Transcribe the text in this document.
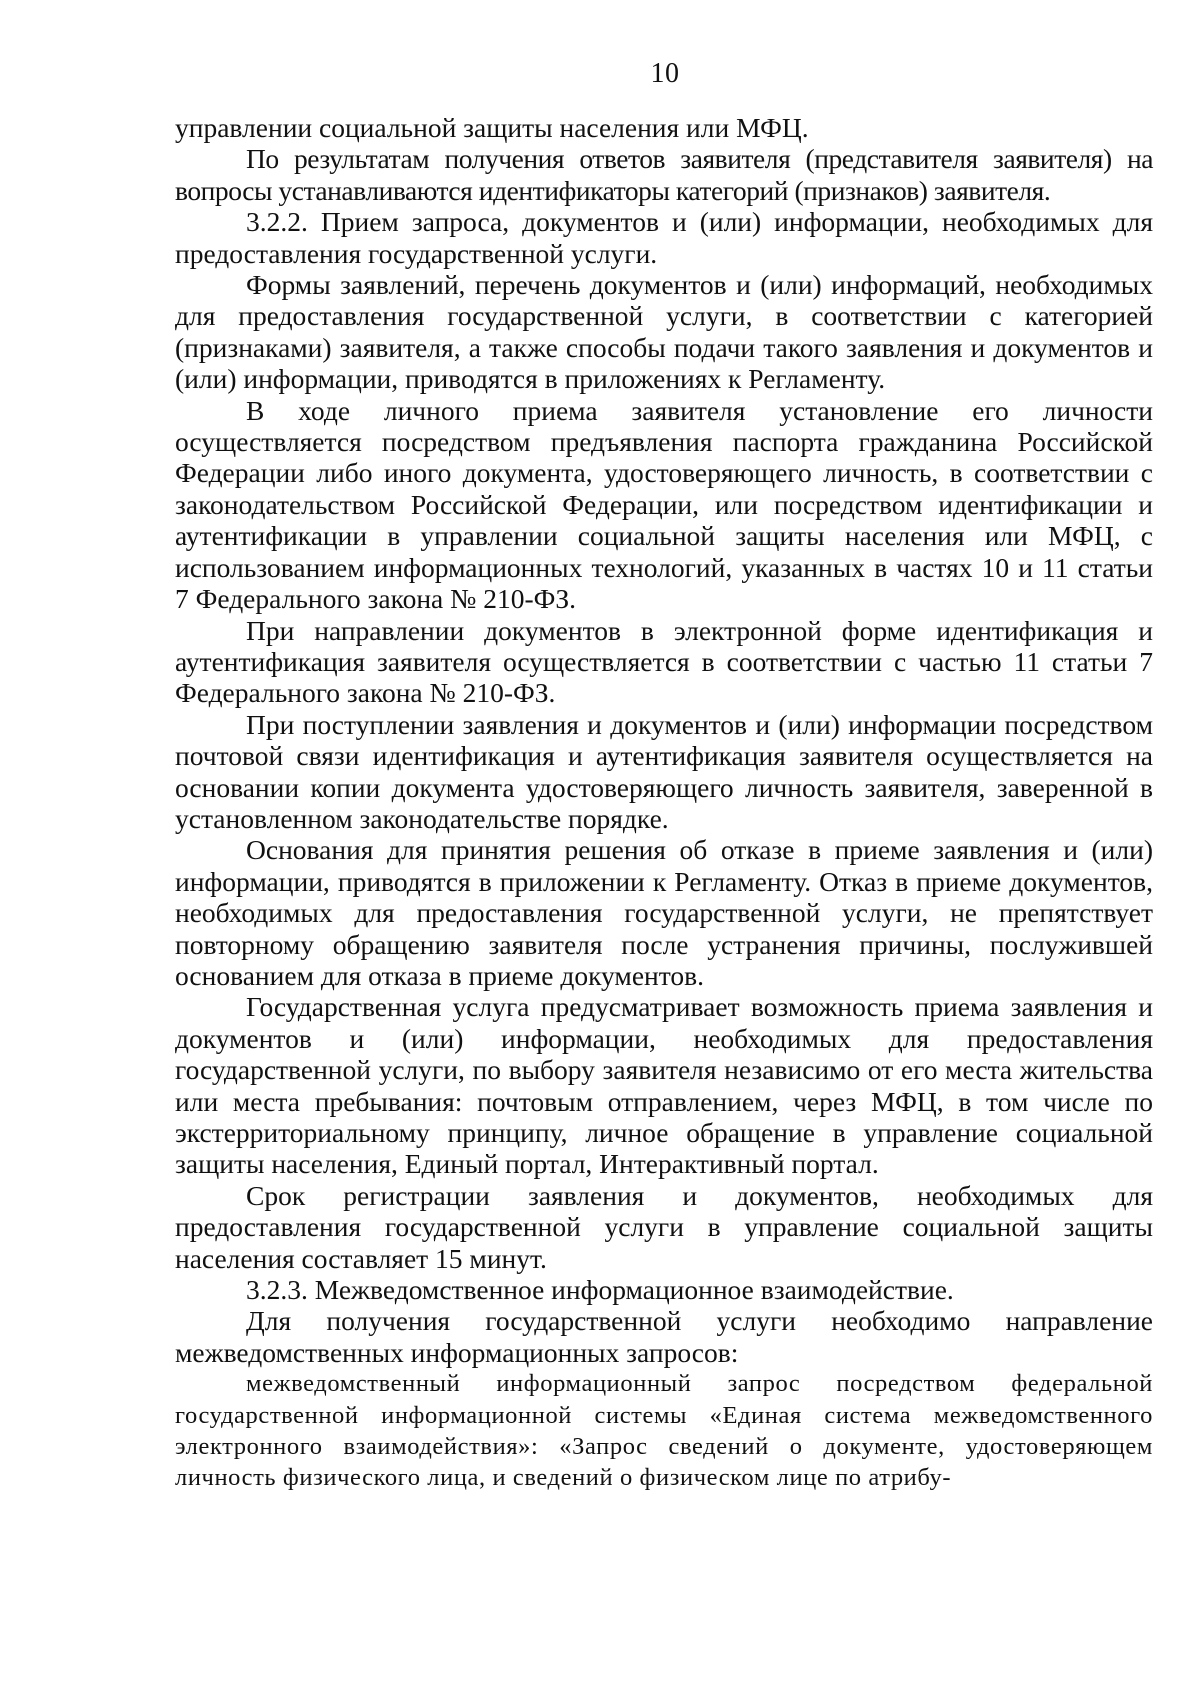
10

управлении социальной защиты населения или МФЦ.

По результатам получения ответов заявителя (представителя заявителя) на вопросы устанавливаются идентификаторы категорий (признаков) заявителя.

3.2.2. Прием запроса, документов и (или) информации, необходимых для предоставления государственной услуги.

Формы заявлений, перечень документов и (или) информаций, необходимых для предоставления государственной услуги, в соответствии с категорией (признаками) заявителя, а также способы подачи такого заявления и документов и (или) информации, приводятся в приложениях к Регламенту.

В ходе личного приема заявителя установление его личности осуществляется посредством предъявления паспорта гражданина Российской Федерации либо иного документа, удостоверяющего личность, в соответствии с законодательством Российской Федерации, или посредством идентификации и аутентификации в управлении социальной защиты населения или МФЦ, с использованием информационных технологий, указанных в частях 10 и 11 статьи 7 Федерального закона № 210-ФЗ.

При направлении документов в электронной форме идентификация и аутентификация заявителя осуществляется в соответствии с частью 11 статьи 7 Федерального закона № 210-ФЗ.

При поступлении заявления и документов и (или) информации посредством почтовой связи идентификация и аутентификация заявителя осуществляется на основании копии документа удостоверяющего личность заявителя, заверенной в установленном законодательстве порядке.

Основания для принятия решения об отказе в приеме заявления и (или) информации, приводятся в приложении к Регламенту. Отказ в приеме документов, необходимых для предоставления государственной услуги, не препятствует повторному обращению заявителя после устранения причины, послужившей основанием для отказа в приеме документов.

Государственная услуга предусматривает возможность приема заявления и документов и (или) информации, необходимых для предоставления государственной услуги, по выбору заявителя независимо от его места жительства или места пребывания: почтовым отправлением, через МФЦ, в том числе по экстерриториальному принципу, личное обращение в управление социальной защиты населения, Единый портал, Интерактивный портал.

Срок регистрации заявления и документов, необходимых для предоставления государственной услуги в управление социальной защиты населения составляет 15 минут.

3.2.3. Межведомственное информационное взаимодействие.

Для получения государственной услуги необходимо направление межведомственных информационных запросов:

межведомственный информационный запрос посредством федеральной государственной информационной системы «Единая система межведомственного электронного взаимодействия»: «Запрос сведений о документе, удостоверяющем личность физического лица, и сведений о физическом лице по атрибу-
